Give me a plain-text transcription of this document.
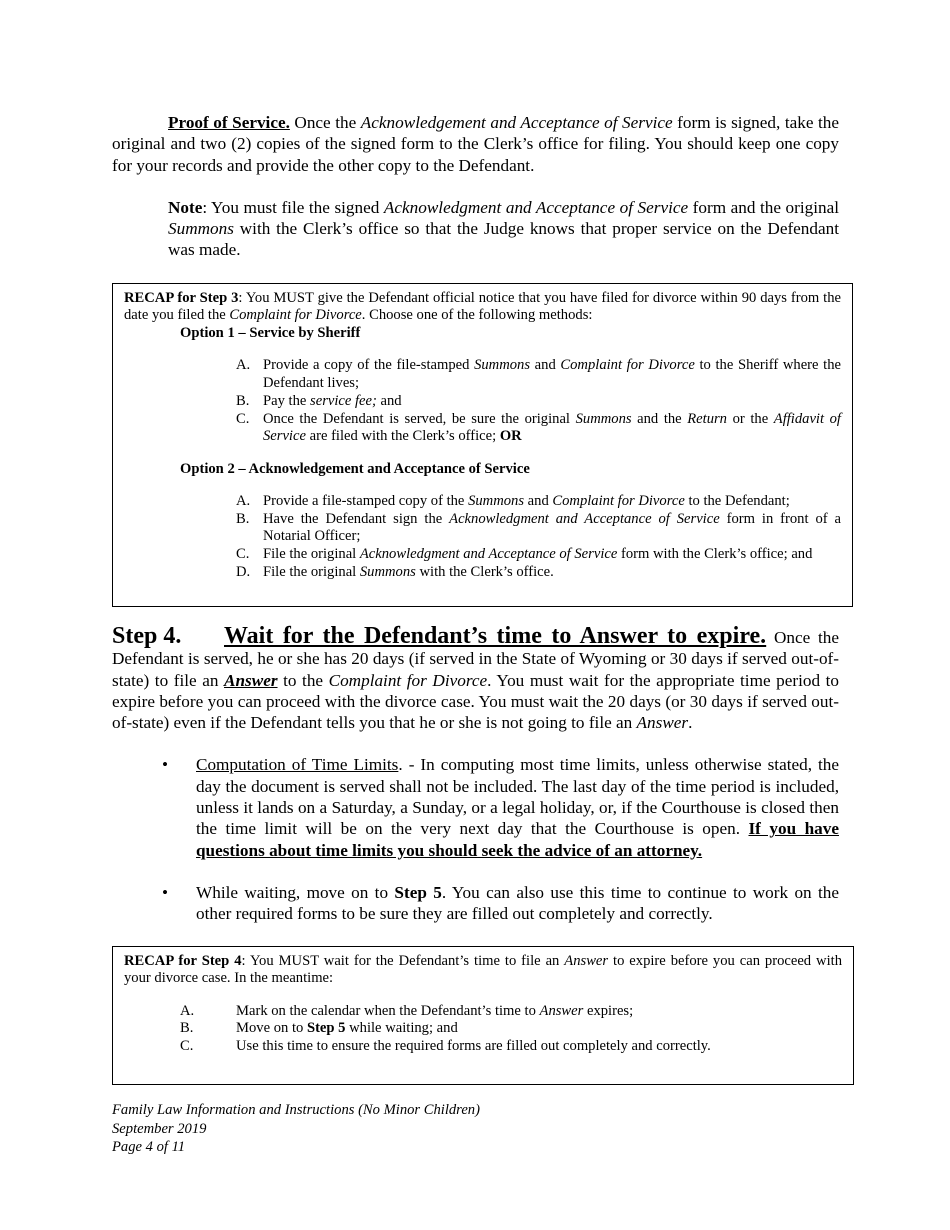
Proof of Service. Once the Acknowledgement and Acceptance of Service form is signed, take the original and two (2) copies of the signed form to the Clerk’s office for filing. You should keep one copy for your records and provide the other copy to the Defendant.

Note: You must file the signed Acknowledgment and Acceptance of Service form and the original Summons with the Clerk’s office so that the Judge knows that proper service on the Defendant was made.

RECAP for Step 3: You MUST give the Defendant official notice that you have filed for divorce within 90 days from the date you filed the Complaint for Divorce. Choose one of the following methods:

Option 1 – Service by Sheriff

A. Provide a copy of the file-stamped Summons and Complaint for Divorce to the Sheriff where the Defendant lives;
B. Pay the service fee; and
C. Once the Defendant is served, be sure the original Summons and the Return or the Affidavit of Service are filed with the Clerk’s office; OR

Option 2 – Acknowledgement and Acceptance of Service

A. Provide a file-stamped copy of the Summons and Complaint for Divorce to the Defendant;
B. Have the Defendant sign the Acknowledgment and Acceptance of Service form in front of a Notarial Officer;
C. File the original Acknowledgment and Acceptance of Service form with the Clerk’s office; and
D. File the original Summons with the Clerk’s office.

Step 4. Wait for the Defendant’s time to Answer to expire. Once the Defendant is served, he or she has 20 days (if served in the State of Wyoming or 30 days if served out-of-state) to file an Answer to the Complaint for Divorce. You must wait for the appropriate time period to expire before you can proceed with the divorce case. You must wait the 20 days (or 30 days if served out-of-state) even if the Defendant tells you that he or she is not going to file an Answer.

•	Computation of Time Limits. - In computing most time limits, unless otherwise stated, the day the document is served shall not be included. The last day of the time period is included, unless it lands on a Saturday, a Sunday, or a legal holiday, or, if the Courthouse is closed then the time limit will be on the very next day that the Courthouse is open. If you have questions about time limits you should seek the advice of an attorney.
•	While waiting, move on to Step 5. You can also use this time to continue to work on the other required forms to be sure they are filled out completely and correctly.

RECAP for Step 4: You MUST wait for the Defendant’s time to file an Answer to expire before you can proceed with your divorce case. In the meantime:

A.	Mark on the calendar when the Defendant’s time to Answer expires;
B.	Move on to Step 5 while waiting; and
C.	Use this time to ensure the required forms are filled out completely and correctly.
Family Law Information and Instructions (No Minor Children)
September 2019
Page 4 of 11
